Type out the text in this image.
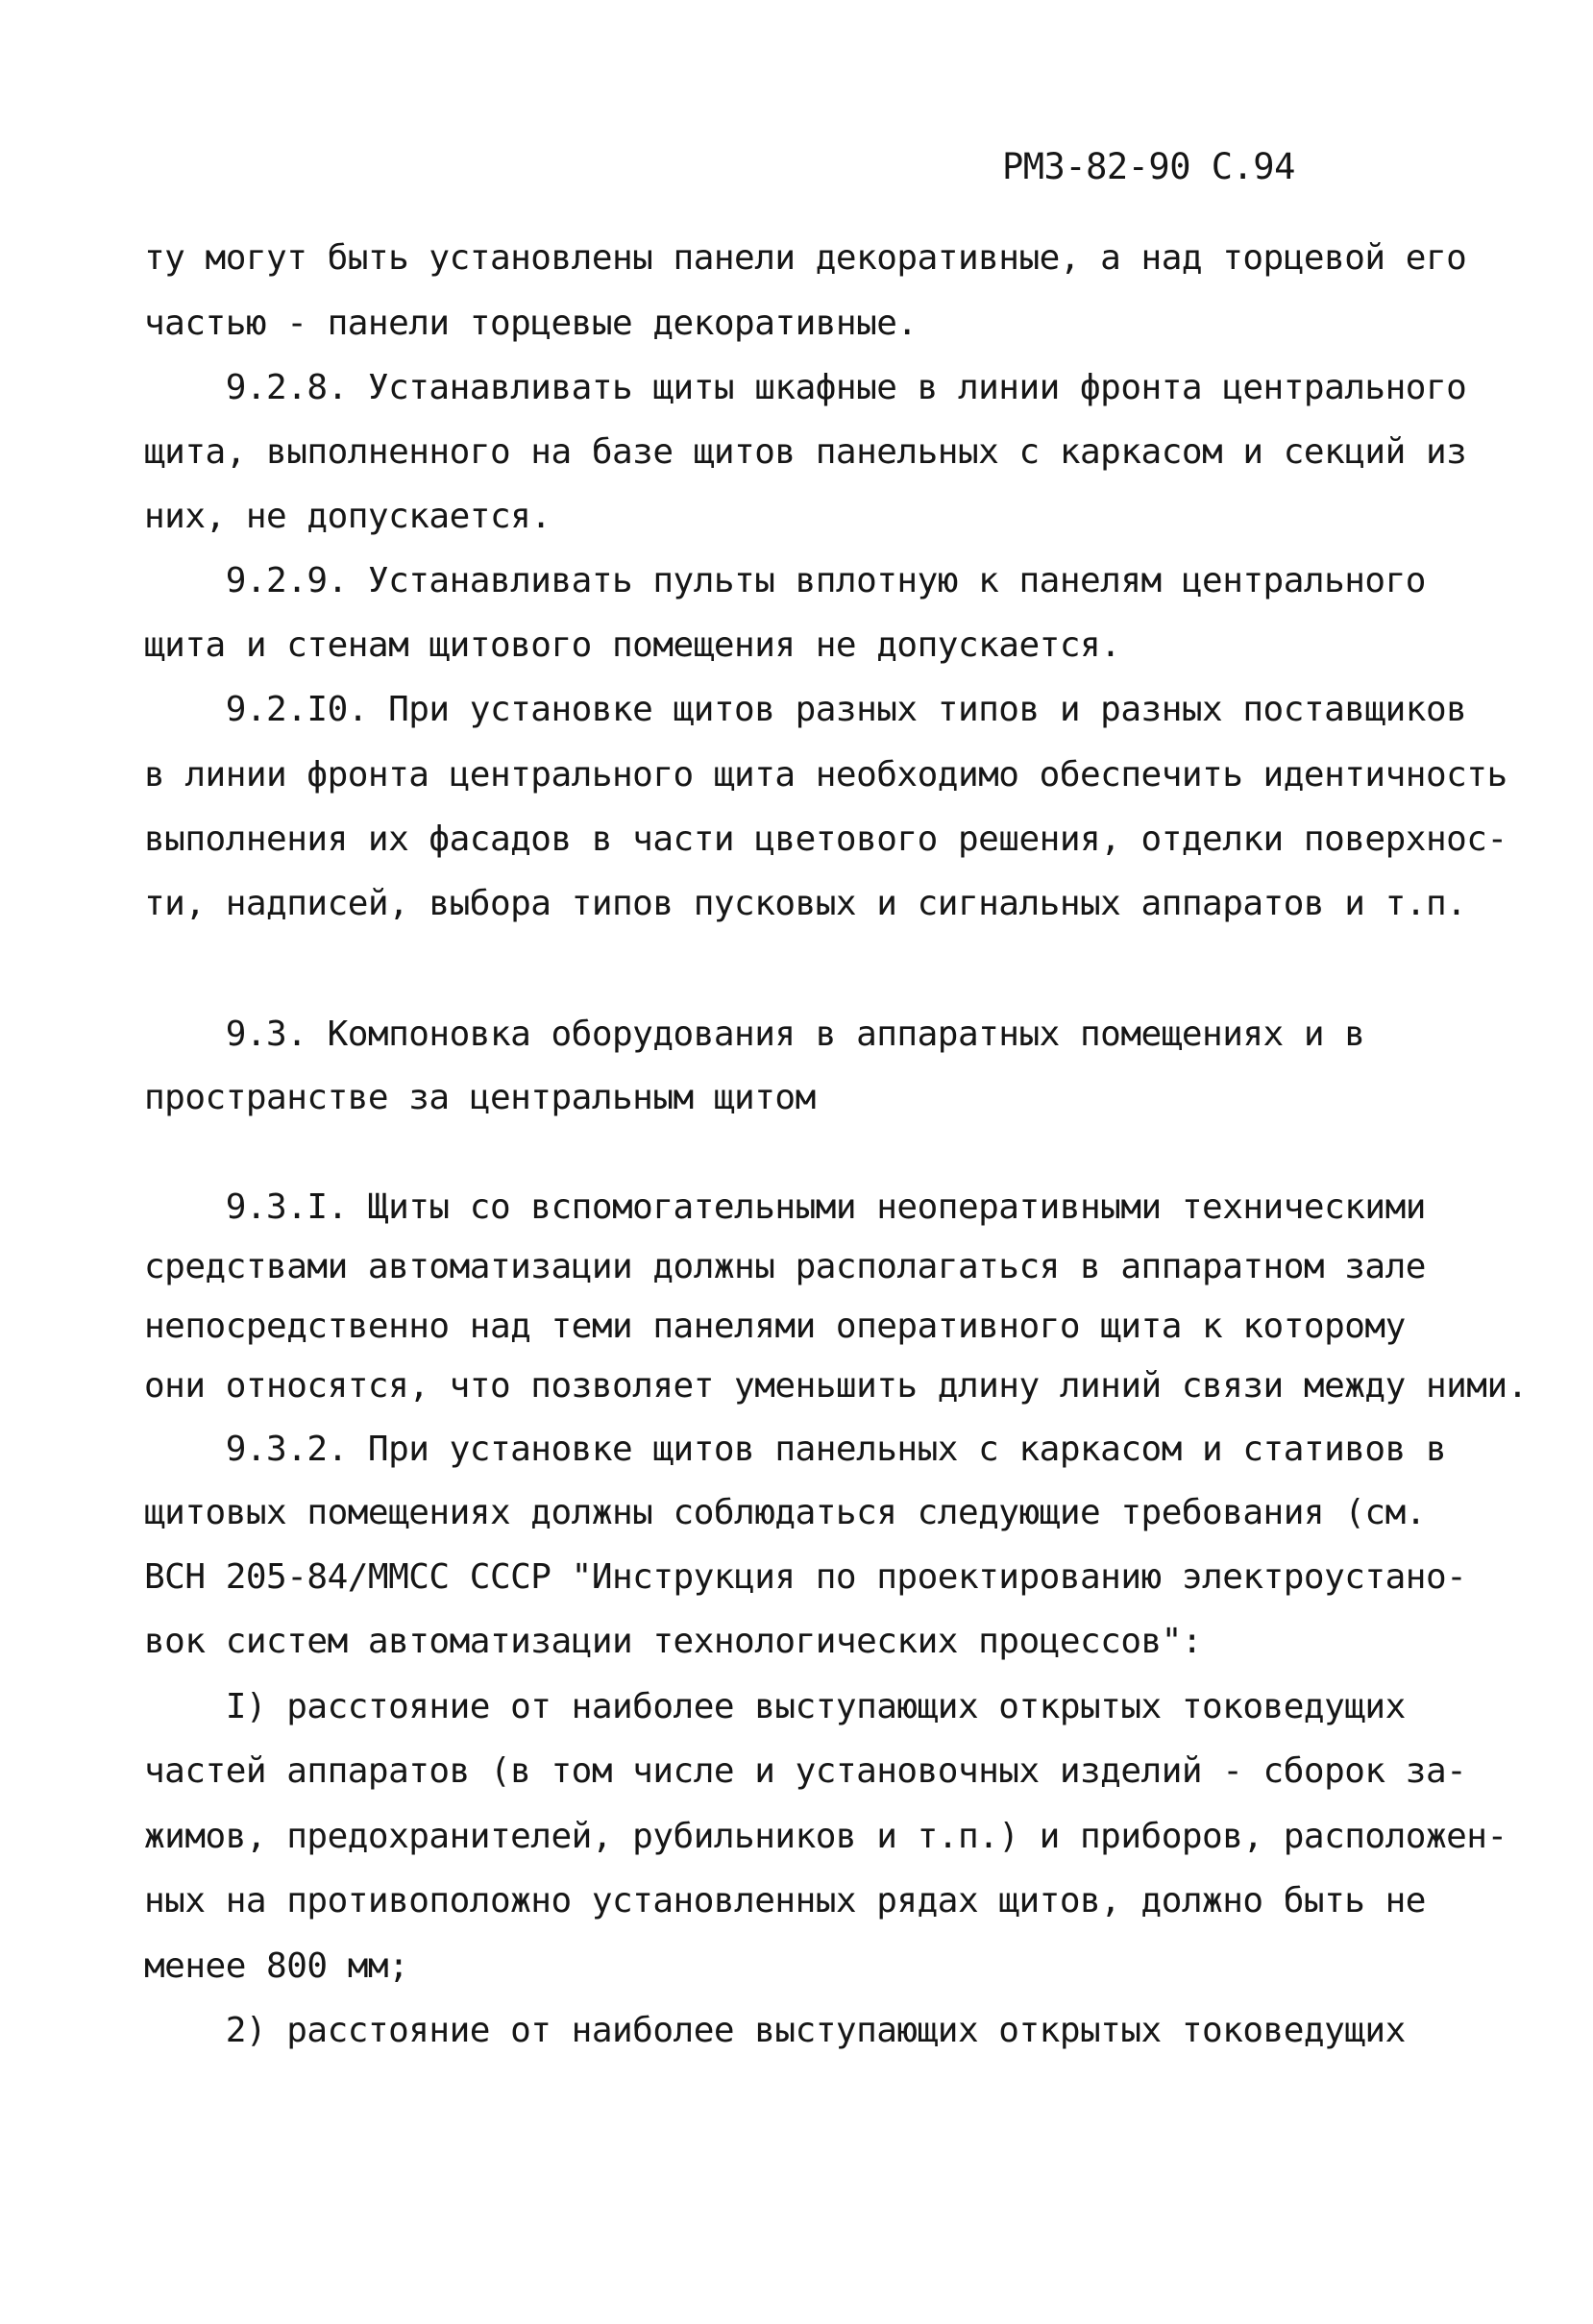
РМЗ-82-90 С.94
ту могут быть установлены панели декоративные, а над торцевой его
частью - панели торцевые декоративные.
9.2.8. Устанавливать щиты шкафные в линии фронта центрального
щита, выполненного на базе щитов панельных с каркасом и секций из
них, не допускается.
9.2.9. Устанавливать пульты вплотную к панелям центрального
щита и стенам щитового помещения не допускается.
9.2.I0. При установке щитов разных типов и разных поставщиков
в линии фронта центрального щита необходимо обеспечить идентичность
выполнения их фасадов в части цветового решения, отделки поверхнос-
ти, надписей, выбора типов пусковых и сигнальных аппаратов и т.п.
9.3. Компоновка оборудования в аппаратных помещениях и в
пространстве за центральным щитом
9.3.I. Щиты со вспомогательными неоперативными техническими
средствами автоматизации должны располагаться в аппаратном зале
непосредственно над теми панелями оперативного щита к которому
они относятся, что позволяет уменьшить длину линий связи между ними.
9.3.2. При установке щитов панельных с каркасом и стативов в
щитовых помещениях должны соблюдаться следующие требования (см.
ВСН 205-84/ММСС СССР "Инструкция по проектированию электроустано-
вок систем автоматизации технологических процессов":
I) расстояние от наиболее выступающих открытых токоведущих
частей аппаратов (в том числе и установочных изделий - сборок за-
жимов, предохранителей, рубильников и т.п.) и приборов, расположен-
ных на противоположно установленных рядах щитов, должно быть не
менее 800 мм;
2) расстояние от наиболее выступающих открытых токоведущих
